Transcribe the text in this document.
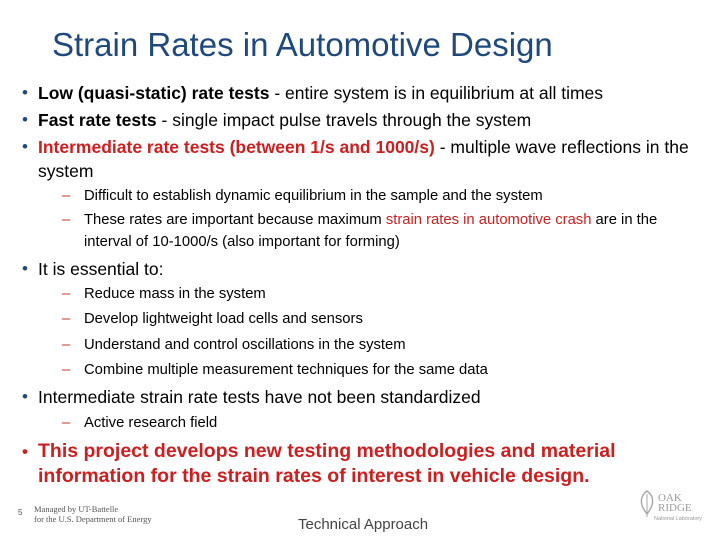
Strain Rates in Automotive Design
• Low (quasi-static) rate tests - entire system is in equilibrium at all times
• Fast rate tests - single impact pulse travels through the system
• Intermediate rate tests (between 1/s and 1000/s) - multiple wave reflections in the system
– Difficult to establish dynamic equilibrium in the sample and the system
– These rates are important because maximum strain rates in automotive crash are in the interval of 10-1000/s (also important for forming)
• It is essential to:
– Reduce mass in the system
– Develop lightweight load cells and sensors
– Understand and control oscillations in the system
– Combine multiple measurement techniques for the same data
• Intermediate strain rate tests have not been standardized
– Active research field
• This project develops new testing methodologies and material information for the strain rates of interest in vehicle design.
5 Managed by UT-Battelle
for the U.S. Department of Energy	Technical Approach
OAK
RIDGE
National Laboratory
